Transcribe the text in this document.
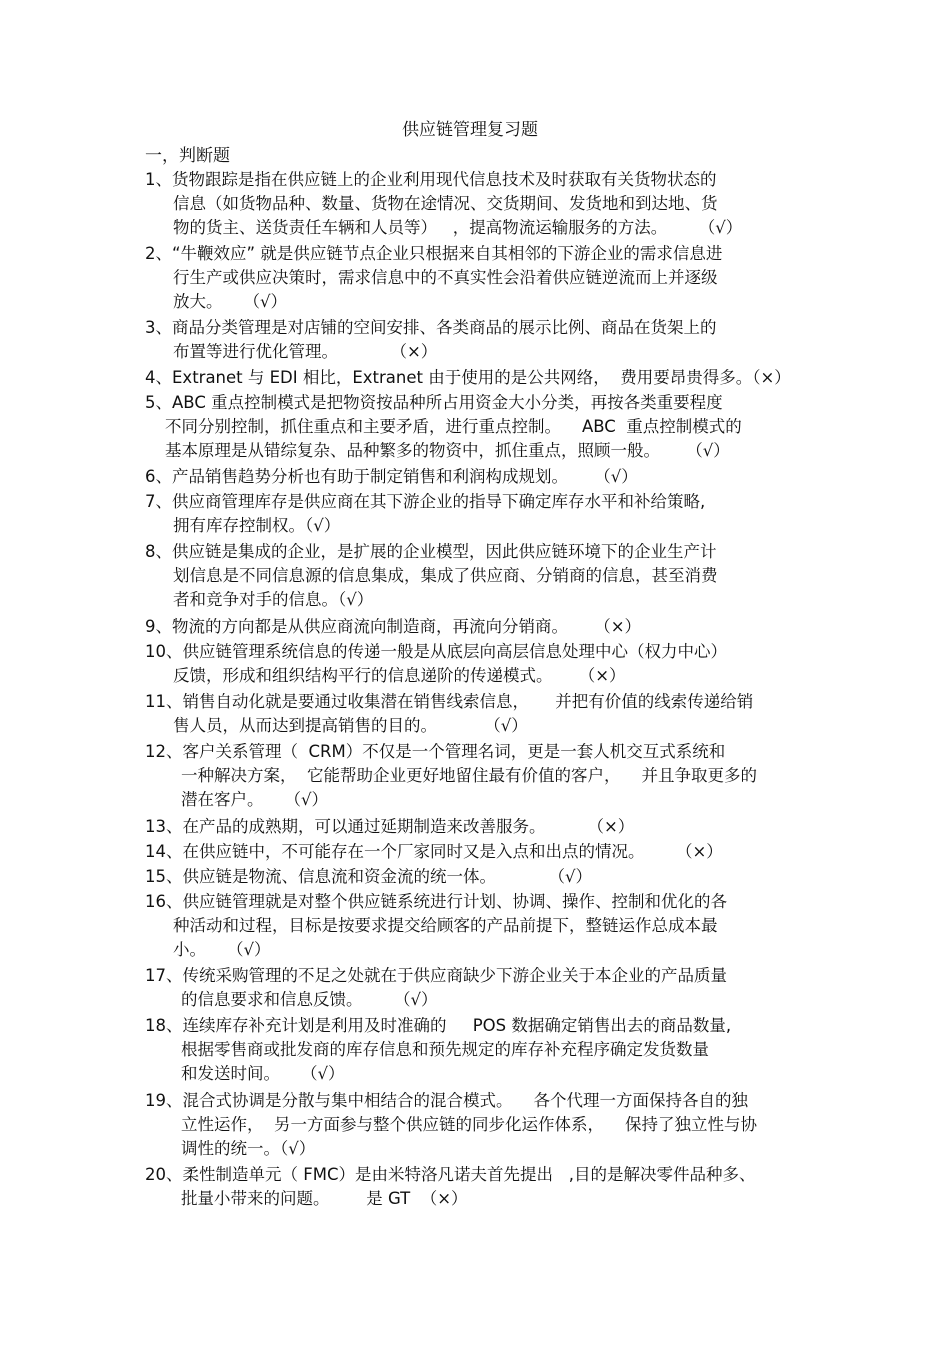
供应链管理复习题
一，判断题
1、货物跟踪是指在供应链上的企业利用现代信息技术及时获取有关货物状态的
信息（如货物品种、数量、货物在途情况、交货期间、发货地和到达地、货
物的货主、送货责任车辆和人员等）   ，提高物流运输服务的方法。      （√）
2、“牛鞭效应” 就是供应链节点企业只根据来自其相邻的下游企业的需求信息进
行生产或供应决策时，需求信息中的不真实性会沿着供应链逆流而上并逐级
放大。    （√）
3、商品分类管理是对店铺的空间安排、各类商品的展示比例、商品在货架上的
布置等进行优化管理。          （×）
4、Extranet 与 EDI 相比，Extranet 由于使用的是公共网络，  费用要昂贵得多。（×）
5、ABC 重点控制模式是把物资按品种所占用资金大小分类，再按各类重要程度
不同分别控制，抓住重点和主要矛盾，进行重点控制。    ABC  重点控制模式的
基本原理是从错综复杂、品种繁多的物资中，抓住重点，照顾一般。     （√）
6、产品销售趋势分析也有助于制定销售和利润构成规划。     （√）
7、供应商管理库存是供应商在其下游企业的指导下确定库存水平和补给策略,
拥有库存控制权。（√）
8、供应链是集成的企业，是扩展的企业模型，因此供应链环境下的企业生产计
划信息是不同信息源的信息集成，集成了供应商、分销商的信息，甚至消费
者和竞争对手的信息。（√）
9、物流的方向都是从供应商流向制造商，再流向分销商。     （×）
10、供应链管理系统信息的传递一般是从底层向高层信息处理中心（权力中心）
反馈，形成和组织结构平行的信息递阶的传递模式。     （×）
11、销售自动化就是要通过收集潜在销售线索信息，     并把有价值的线索传递给销
售人员，从而达到提高销售的目的。         （√）
12、客户关系管理（  CRM）不仅是一个管理名词，更是一套人机交互式系统和
一种解决方案，  它能帮助企业更好地留住最有价值的客户，    并且争取更多的
潜在客户。    （√）
13、在产品的成熟期，可以通过延期制造来改善服务。        （×）
14、在供应链中，不可能存在一个厂家同时又是入点和出点的情况。      （×）
15、供应链是物流、信息流和资金流的统一体。          （√）
16、供应链管理就是对整个供应链系统进行计划、协调、操作、控制和优化的各
种活动和过程，目标是按要求提交给顾客的产品前提下，整链运作总成本最
小。    （√）
17、传统采购管理的不足之处就在于供应商缺少下游企业关于本企业的产品质量
的信息要求和信息反馈。      （√）
18、连续库存补充计划是利用及时准确的     POS 数据确定销售出去的商品数量,
根据零售商或批发商的库存信息和预先规定的库存补充程序确定发货数量
和发送时间。    （√）
19、混合式协调是分散与集中相结合的混合模式。    各个代理一方面保持各自的独
立性运作，  另一方面参与整个供应链的同步化运作体系，    保持了独立性与协
调性的统一。（√）
20、柔性制造单元（ FMC）是由米特洛凡诺夫首先提出   ,目的是解决零件品种多、
批量小带来的问题。       是 GT  （×）
